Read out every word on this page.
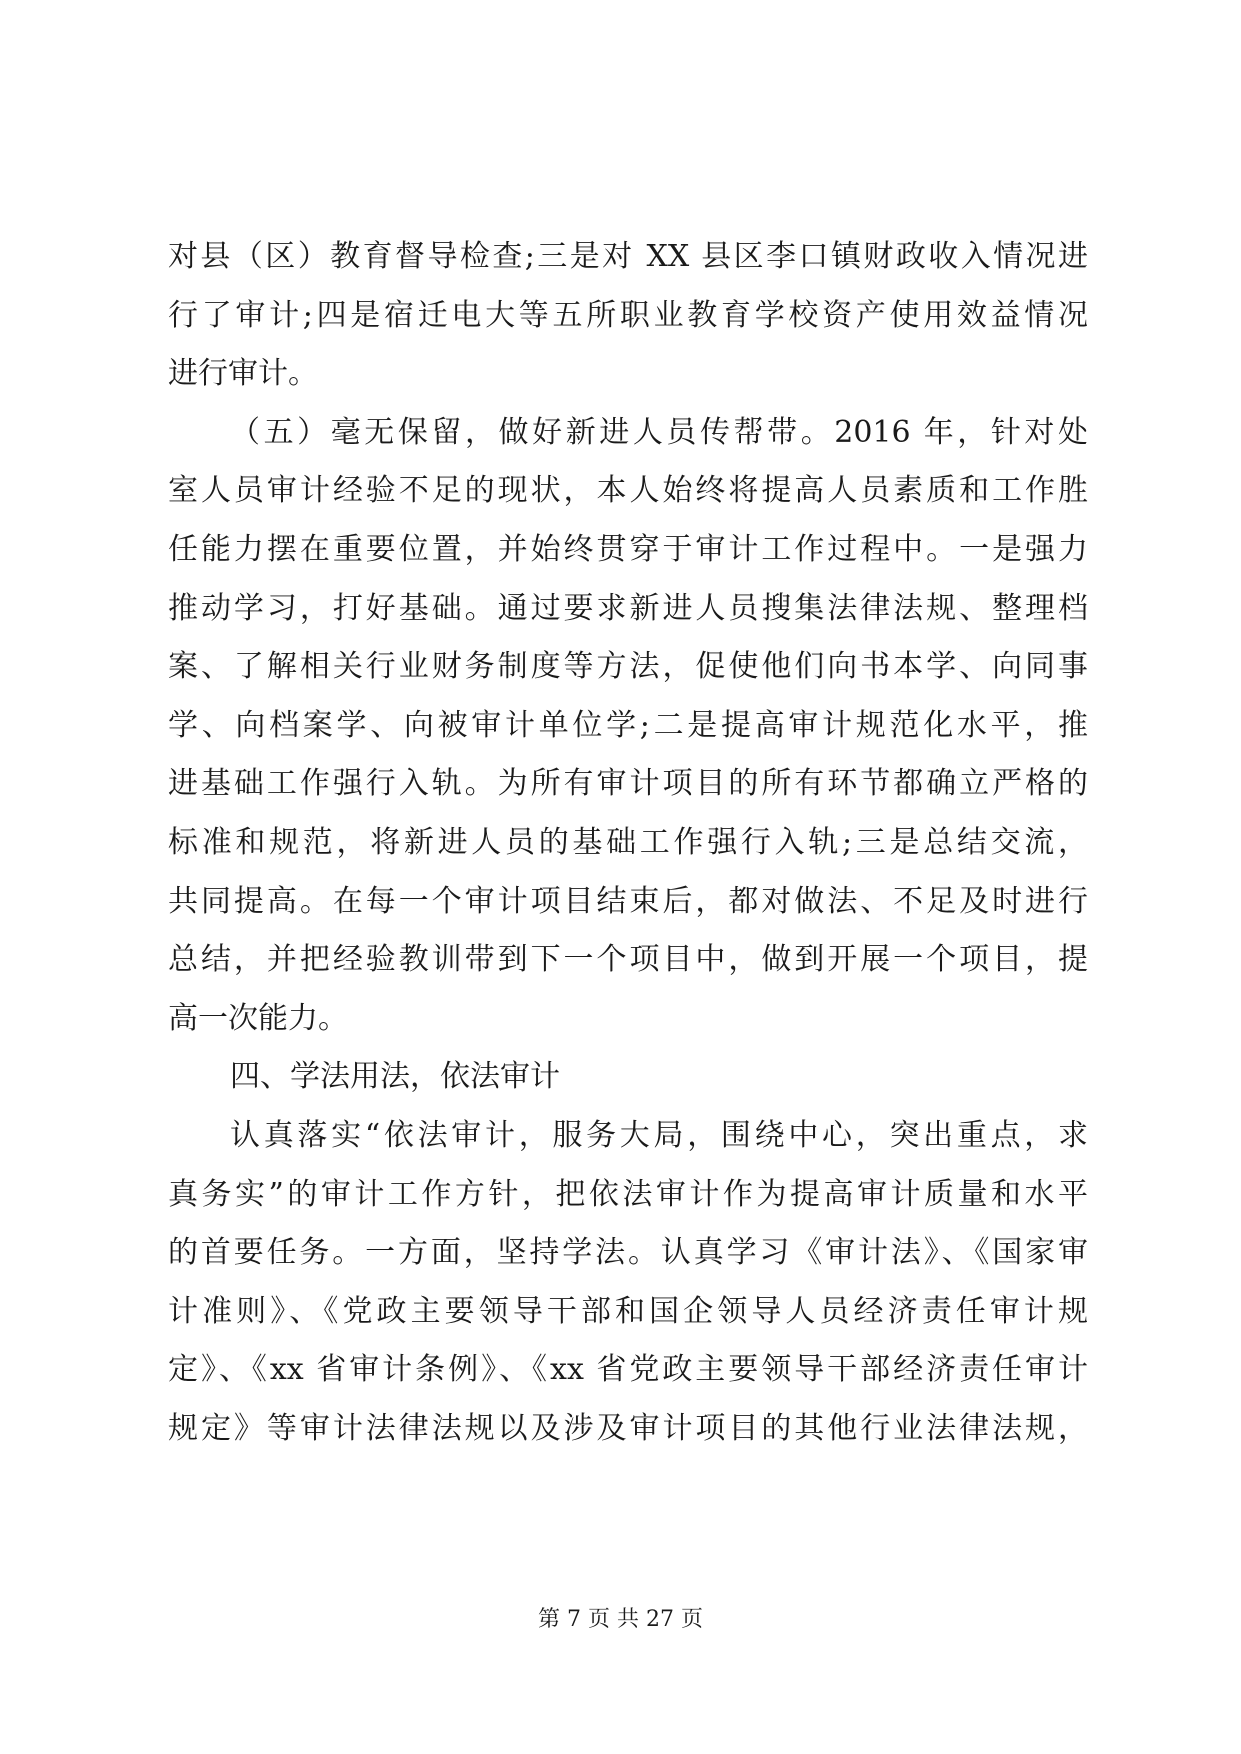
对县（区）教育督导检查;三是对 XX 县区李口镇财政收入情况进
行了审计;四是宿迁电大等五所职业教育学校资产使用效益情况
进行审计。
（五）毫无保留，做好新进人员传帮带。2016 年，针对处
室人员审计经验不足的现状，本人始终将提高人员素质和工作胜
任能力摆在重要位置，并始终贯穿于审计工作过程中。一是强力
推动学习，打好基础。通过要求新进人员搜集法律法规、整理档
案、了解相关行业财务制度等方法，促使他们向书本学、向同事
学、向档案学、向被审计单位学;二是提高审计规范化水平，推
进基础工作强行入轨。为所有审计项目的所有环节都确立严格的
标准和规范，将新进人员的基础工作强行入轨;三是总结交流，
共同提高。在每一个审计项目结束后，都对做法、不足及时进行
总结，并把经验教训带到下一个项目中，做到开展一个项目，提
高一次能力。
四、学法用法，依法审计
认真落实“依法审计，服务大局，围绕中心，突出重点，求
真务实”的审计工作方针，把依法审计作为提高审计质量和水平
的首要任务。一方面，坚持学法。认真学习《审计法》、《国家审
计准则》、《党政主要领导干部和国企领导人员经济责任审计规
定》、《xx 省审计条例》、《xx 省党政主要领导干部经济责任审计
规定》等审计法律法规以及涉及审计项目的其他行业法律法规，
第 7 页 共 27 页
